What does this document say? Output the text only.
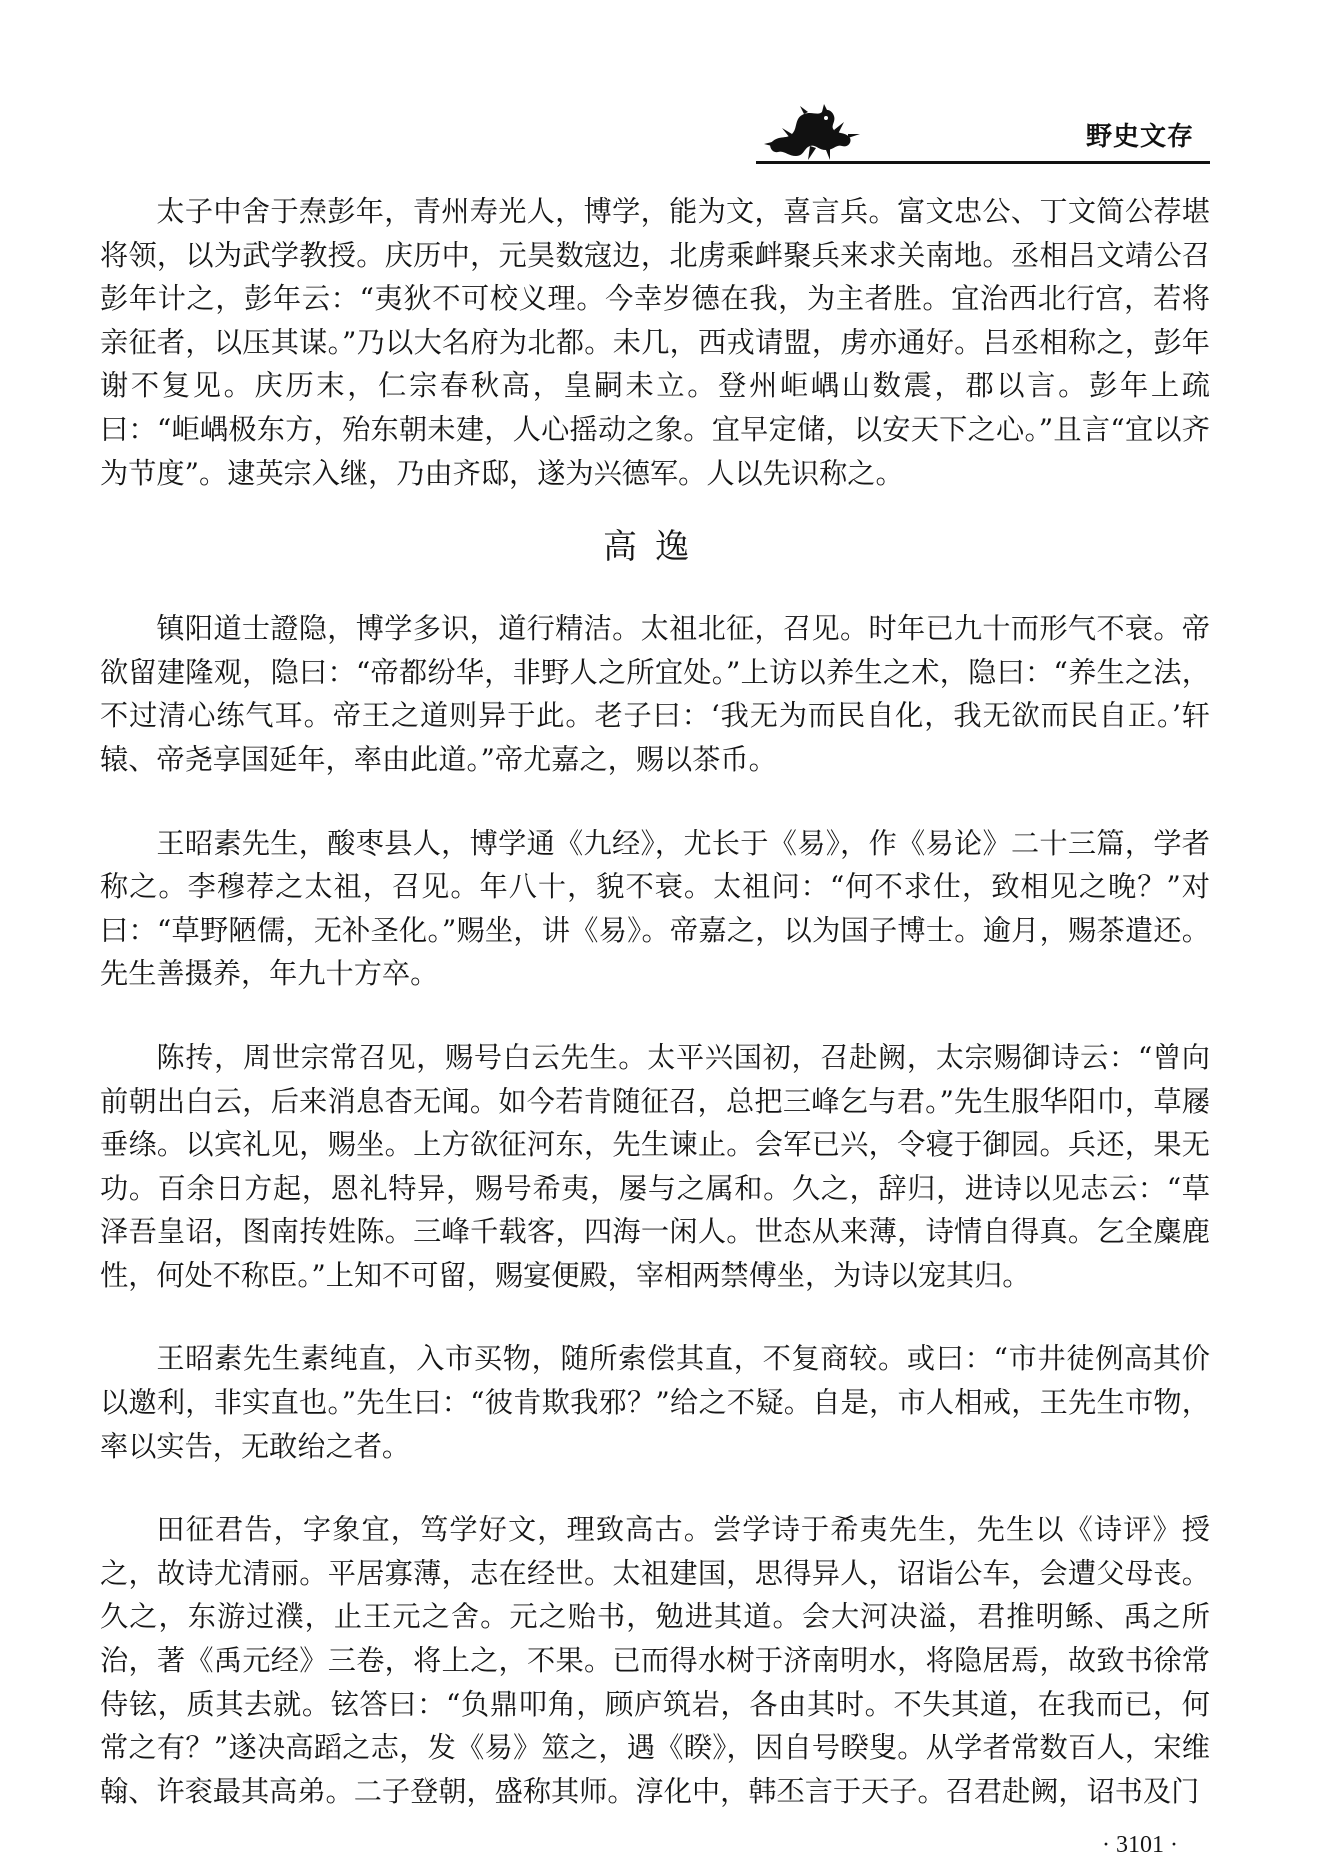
野史文存

太子中舍于焘彭年，青州寿光人，博学，能为文，喜言兵。富文忠公、丁文简公荐堪将领，以为武学教授。庆历中，元昊数寇边，北虏乘衅聚兵来求关南地。丞相吕文靖公召彭年计之，彭年云：“夷狄不可校义理。今幸岁德在我，为主者胜。宜治西北行宫，若将亲征者，以压其谋。”乃以大名府为北都。未几，西戎请盟，虏亦通好。吕丞相称之，彭年谢不复见。庆历末，仁宗春秋高，皇嗣未立。登州岠嵎山数震，郡以言。彭年上疏曰：“岠嵎极东方，殆东朝未建，人心摇动之象。宜早定储，以安天下之心。”且言“宜以齐为节度”。逮英宗入继，乃由齐邸，遂为兴德军。人以先识称之。

高逸

镇阳道士證隐，博学多识，道行精洁。太祖北征，召见。时年已九十而形气不衰。帝欲留建隆观，隐曰：“帝都纷华，非野人之所宜处。”上访以养生之术，隐曰：“养生之法，不过清心练气耳。帝王之道则异于此。老子曰：‘我无为而民自化，我无欲而民自正。’轩辕、帝尧享国延年，率由此道。”帝尤嘉之，赐以茶币。

王昭素先生，酸枣县人，博学通《九经》，尤长于《易》，作《易论》二十三篇，学者称之。李穆荐之太祖，召见。年八十，貌不衰。太祖问：“何不求仕，致相见之晚？”对曰：“草野陋儒，无补圣化。”赐坐，讲《易》。帝嘉之，以为国子博士。逾月，赐茶遣还。先生善摄养，年九十方卒。

陈抟，周世宗常召见，赐号白云先生。太平兴国初，召赴阙，太宗赐御诗云：“曾向前朝出白云，后来消息杳无闻。如今若肯随征召，总把三峰乞与君。”先生服华阳巾，草屦垂绦。以宾礼见，赐坐。上方欲征河东，先生谏止。会军已兴，令寝于御园。兵还，果无功。百余日方起，恩礼特异，赐号希夷，屡与之属和。久之，辞归，进诗以见志云：“草泽吾皇诏，图南抟姓陈。三峰千载客，四海一闲人。世态从来薄，诗情自得真。乞全麋鹿性，何处不称臣。”上知不可留，赐宴便殿，宰相两禁傅坐，为诗以宠其归。

王昭素先生素纯直，入市买物，随所索偿其直，不复商较。或曰：“市井徒例高其价以邀利，非实直也。”先生曰：“彼肯欺我邪？”给之不疑。自是，市人相戒，王先生市物，率以实告，无敢绐之者。

田征君告，字象宜，笃学好文，理致高古。尝学诗于希夷先生，先生以《诗评》授之，故诗尤清丽。平居寡薄，志在经世。太祖建国，思得异人，诏诣公车，会遭父母丧。久之，东游过濮，止王元之舍。元之贻书，勉进其道。会大河决溢，君推明鲧、禹之所治，著《禹元经》三卷，将上之，不果。已而得水树于济南明水，将隐居焉，故致书徐常侍铉，质其去就。铉答曰：“负鼎叩角，顾庐筑岩，各由其时。不失其道，在我而已，何常之有？”遂决高蹈之志，发《易》筮之，遇《睽》，因自号睽叟。从学者常数百人，宋维翰、许衮最其高弟。二子登朝，盛称其师。淳化中，韩丕言于天子。召君赴阙，诏书及门

· 3101 ·
